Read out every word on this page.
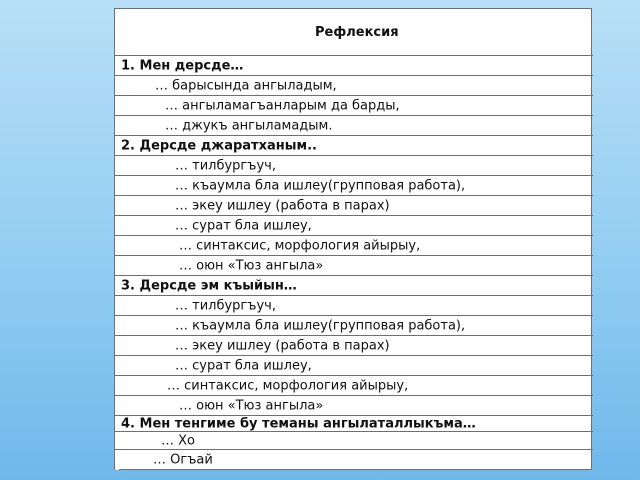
Рефлексия
1. Мен дерсде…
… барысында ангыладым,
… ангыламагъанларым да барды,
… джукъ ангыламадым.
2. Дерсде джаратханым..
… тилбургъуч,
… къаумла бла ишлеу(групповая работа),
… экеу ишлеу (работа в парах)
… сурат бла ишлеу,
… синтаксис, морфология айырыу,
… оюн «Тюз ангыла»
3. Дерсде эм къыйын…
… тилбургъуч,
… къаумла бла ишлеу(групповая работа),
… экеу ишлеу (работа в парах)
… сурат бла ишлеу,
… синтаксис, морфология айырыу,
… оюн «Тюз ангыла»
4. Мен тенгиме бу теманы ангылаталлыкъма…
… Хо
… Огъай
